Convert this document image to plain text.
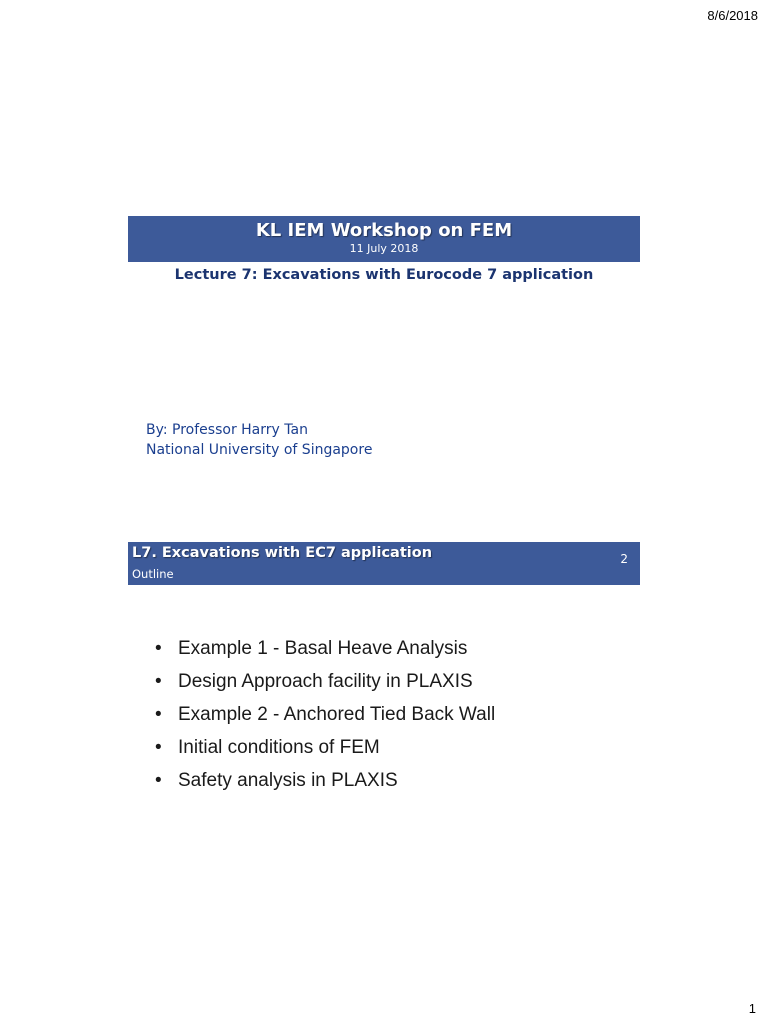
8/6/2018
KL IEM Workshop on FEM
11 July 2018
Lecture 7: Excavations with Eurocode 7 application
By: Professor Harry Tan
National University of Singapore
L7. Excavations with EC7 application
Outline
2
• Example 1 - Basal Heave Analysis
• Design Approach facility in PLAXIS
• Example 2 - Anchored Tied Back Wall
• Initial conditions of FEM
• Safety analysis in PLAXIS
1
